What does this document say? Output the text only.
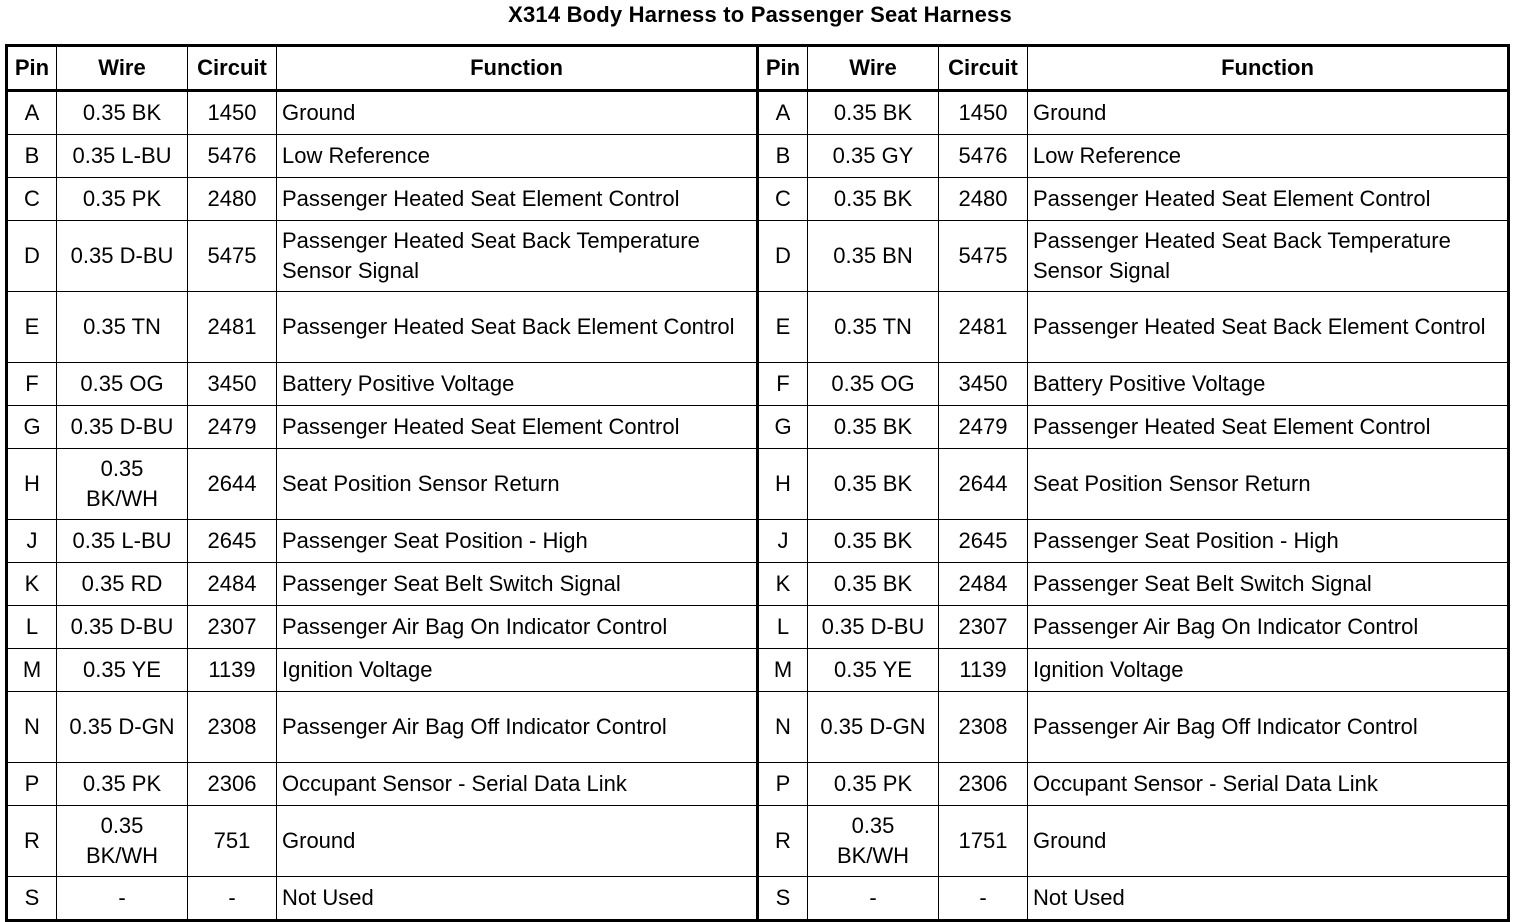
X314 Body Harness to Passenger Seat Harness
Pin	Wire	Circuit	Function	Pin	Wire	Circuit	Function
A	0.35 BK	1450	Ground	A	0.35 BK	1450	Ground
B	0.35 L-BU	5476	Low Reference	B	0.35 GY	5476	Low Reference
C	0.35 PK	2480	Passenger Heated Seat Element Control	C	0.35 BK	2480	Passenger Heated Seat Element Control
D	0.35 D-BU	5475	Passenger Heated Seat Back Temperature Sensor Signal	D	0.35 BN	5475	Passenger Heated Seat Back Temperature Sensor Signal
E	0.35 TN	2481	Passenger Heated Seat Back Element Control	E	0.35 TN	2481	Passenger Heated Seat Back Element Control
F	0.35 OG	3450	Battery Positive Voltage	F	0.35 OG	3450	Battery Positive Voltage
G	0.35 D-BU	2479	Passenger Heated Seat Element Control	G	0.35 BK	2479	Passenger Heated Seat Element Control
H	0.35 BK/WH	2644	Seat Position Sensor Return	H	0.35 BK	2644	Seat Position Sensor Return
J	0.35 L-BU	2645	Passenger Seat Position - High	J	0.35 BK	2645	Passenger Seat Position - High
K	0.35 RD	2484	Passenger Seat Belt Switch Signal	K	0.35 BK	2484	Passenger Seat Belt Switch Signal
L	0.35 D-BU	2307	Passenger Air Bag On Indicator Control	L	0.35 D-BU	2307	Passenger Air Bag On Indicator Control
M	0.35 YE	1139	Ignition Voltage	M	0.35 YE	1139	Ignition Voltage
N	0.35 D-GN	2308	Passenger Air Bag Off Indicator Control	N	0.35 D-GN	2308	Passenger Air Bag Off Indicator Control
P	0.35 PK	2306	Occupant Sensor - Serial Data Link	P	0.35 PK	2306	Occupant Sensor - Serial Data Link
R	0.35 BK/WH	751	Ground	R	0.35 BK/WH	1751	Ground
S	-	-	Not Used	S	-	-	Not Used
